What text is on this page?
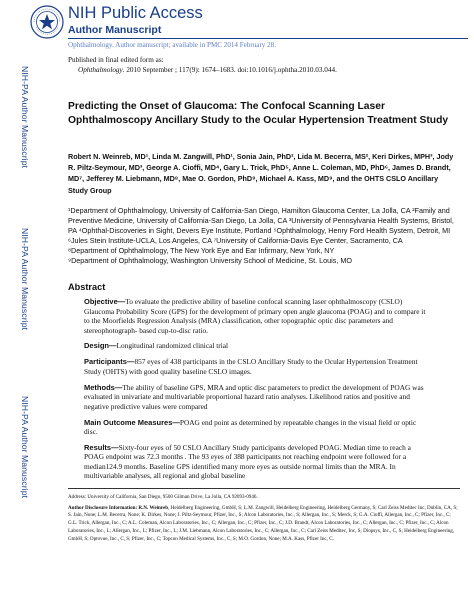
NIH-PA Author Manuscript
NIH-PA Author Manuscript
NIH-PA Author Manuscript
NIH Public Access
Author Manuscript
Ophthalmology. Author manuscript; available in PMC 2014 February 28.
Published in final edited form as:
Ophthalmology. 2010 September ; 117(9): 1674–1683. doi:10.1016/j.ophtha.2010.03.044.
Predicting the Onset of Glaucoma: The Confocal Scanning Laser Ophthalmoscopy Ancillary Study to the Ocular Hypertension Treatment Study
Robert N. Weinreb, MD¹, Linda M. Zangwill, PhD¹, Sonia Jain, PhD², Lida M. Becerra, MS², Keri Dirkes, MPH³, Jody R. Piltz-Seymour, MD³, George A. Cioffi, MD⁴, Gary L. Trick, PhD⁵, Anne L. Coleman, MD, PhD⁶, James D. Brandt, MD⁷, Jefferey M. Liebmann, MD⁸, Mae O. Gordon, PhD⁹, Michael A. Kass, MD⁹, and the OHTS CSLO Ancillary Study Group

¹Department of Ophthalmology, University of California-San Diego, Hamilton Glaucoma Center, La Jolla, CA ²Family and Preventive Medicine, University of California-San Diego, La Jolla, CA ³University of Pennsylvania Health Systems, Bristol, PA ⁴Ophthal-Discoveries in Sight, Devers Eye Institute, Portland ⁵Ophthalmology, Henry Ford Health System, Detroit, MI ⁶Jules Stein Institute-UCLA, Los Angeles, CA ⁷University of California-Davis Eye Center, Sacramento, CA

⁸Department of Ophthalmology, The New York Eye and Ear Infirmary, New York, NY

⁹Department of Ophthalmology, Washington University School of Medicine, St. Louis, MO

Abstract

Objective—To evaluate the predictive ability of baseline confocal scanning laser ophthalmoscopy (CSLO) Glaucoma Probability Score (GPS) for the development of primary open angle glaucoma (POAG) and to compare it to the Moorfields Regression Analysis (MRA) classification, other topographic optic disc parameters and stereophotograph- based cup-to-disc ratio.

Design—Longitudinal randomized clinical trial

Participants—857 eyes of 438 participants in the CSLO Ancillary Study to the Ocular Hypertension Treatment Study (OHTS) with good quality baseline CSLO images.

Methods—The ability of baseline GPS, MRA and optic disc parameters to predict the development of POAG was evaluated in univariate and multivariable proportional hazard ratio analyses. Likelihood ratios and positive and negative predictive values were compared

Main Outcome Measures—POAG end point as determined by repeatable changes in the visual field or optic disc.

Results—Sixty-four eyes of 50 CSLO Ancillary Study participants developed POAG. Median time to reach a POAG endpoint was 72.3 months . The 93 eyes of 388 participants not reaching endpoint were followed for a median124.9 months. Baseline GPS identified many more eyes as outside normal limits than the MRA. In multivariable analyses, all regional and global baseline

Address: University of California, San Diego, 9500 Gilman Drive, La Jolla, CA 92093-0946.

Author Disclosure Information: R.N. Weinreb, Heidelberg Engineering, GmbH, S; L.M. Zangwill, Heidelberg Engineering, Heidelberg Germany, S; Carl Zeiss Meditec Inc, Dublin, CA, S; S. Jain, None; L.M. Becerra, None; K. Dirkes, None; J. Piltz-Seymour, Pfizer, Inc., S; Alcon Laboratories, Inc., S; Allergan, Inc., S; Merck, S; G.A. Cioffi, Allergan, Inc., C; Pfizer, Inc., C; G.L. Trick, Allergan, Inc., C; A.L. Coleman, Alcon Laboratories, Inc., C; Allergan, Inc., C; Pfizer, Inc., C; J.D. Brandt, Alcon Laboratories, Inc., C; Allergan, Inc., C; Pfizer, Inc., C; Alcon Laboratories, Inc., L; Allergan, Inc., L; Pfizer, Inc., L; J.M. Liebmann, Alcon Laboratories, Inc., C; Allergan, Inc., C; Carl Zeiss Meditec, Inc, S; Diopsys, Inc., C, S; Heidelberg Engineering, GmbH, S; Optovue, Inc., C, S; Pfizer, Inc., C; Topcon Medical Systems, Inc., C, S; M.O. Gordon, None; M.A. Kass, Pfizer Inc, C.
